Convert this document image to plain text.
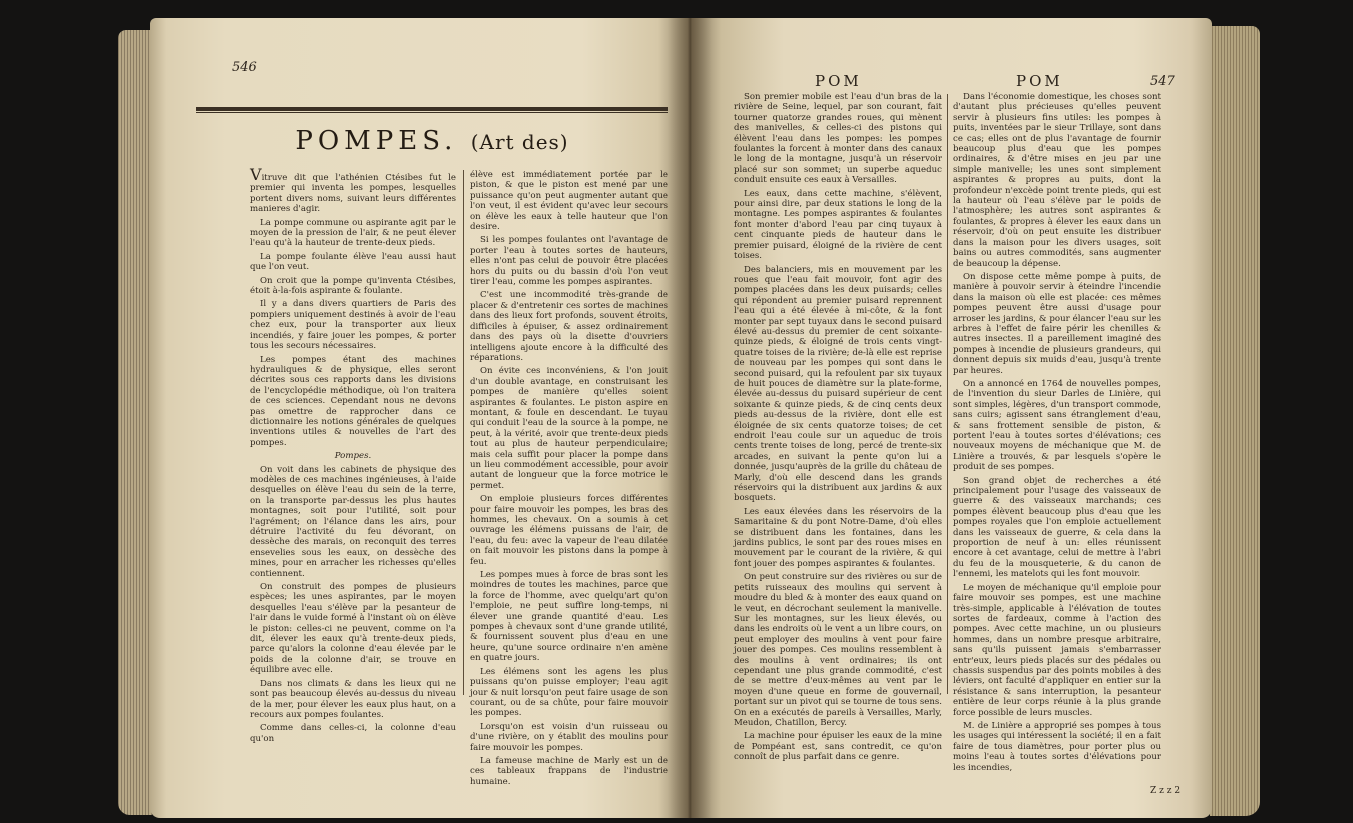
546
POMPES. (Art des)

Vitruve dit que l'athénien Ctésibes fut le premier qui inventa les pompes, lesquelles portent divers noms, suivant leurs différentes manieres d'agir.

La pompe commune ou aspirante agit par le moyen de la pression de l'air, & ne peut élever l'eau qu'à la hauteur de trente-deux pieds.

La pompe foulante élève l'eau aussi haut que l'on veut.

On croit que la pompe qu'inventa Ctésibes, étoit à-la-fois aspirante & foulante.

Il y a dans divers quartiers de Paris des pompiers uniquement destinés à avoir de l'eau chez eux, pour la transporter aux lieux incendiés, y faire jouer les pompes, & porter tous les secours nécessaires.

Les pompes étant des machines hydrauliques & de physique, elles seront décrites sous ces rapports dans les divisions de l'encyclopédie méthodique, où l'on traitera de ces sciences. Cependant nous ne devons pas omettre de rapprocher dans ce dictionnaire les notions générales de quelques inventions utiles & nouvelles de l'art des pompes.

Pompes.

On voit dans les cabinets de physique des modèles de ces machines ingénieuses, à l'aide desquelles on élève l'eau du sein de la terre, on la transporte par-dessus les plus hautes montagnes, soit pour l'utilité, soit pour l'agrément; on l'élance dans les airs, pour détruire l'activité du feu dévorant, on dessèche des marais, on reconquit des terres ensevelies sous les eaux, on dessèche des mines, pour en arracher les richesses qu'elles contiennent.

On construit des pompes de plusieurs espèces; les unes aspirantes, par le moyen desquelles l'eau s'élève par la pesanteur de l'air dans le vuide formé à l'instant où on élève le piston: celles-ci ne peuvent, comme on l'a dit, élever les eaux qu'à trente-deux pieds, parce qu'alors la colonne d'eau élevée par le poids de la colonne d'air, se trouve en équilibre avec elle.

Dans nos climats & dans les lieux qui ne sont pas beaucoup élevés au-dessus du niveau de la mer, pour élever les eaux plus haut, on a recours aux pompes foulantes.

Comme dans celles-ci, la colonne d'eau qu'on

élève est immédiatement portée par le piston, & que le piston est mené par une puissance qu'on peut augmenter autant que l'on veut, il est évident qu'avec leur secours on élève les eaux à telle hauteur que l'on desire.

Si les pompes foulantes ont l'avantage de porter l'eau à toutes sortes de hauteurs, elles n'ont pas celui de pouvoir être placées hors du puits ou du bassin d'où l'on veut tirer l'eau, comme les pompes aspirantes.

C'est une incommodité très-grande de placer & d'entretenir ces sortes de machines dans des lieux fort profonds, souvent étroits, difficiles à épuiser, & assez ordinairement dans des pays où la disette d'ouvriers intelligens ajoute encore à la difficulté des réparations.

On évite ces inconvéniens, & l'on jouit d'un double avantage, en construisant les pompes de manière qu'elles soient aspirantes & foulantes. Le piston aspire en montant, & foule en descendant. Le tuyau qui conduit l'eau de la source à la pompe, ne peut, à la vérité, avoir que trente-deux pieds tout au plus de hauteur perpendiculaire; mais cela suffit pour placer la pompe dans un lieu commodément accessible, pour avoir autant de longueur que la force motrice le permet.

On emploie plusieurs forces différentes pour faire mouvoir les pompes, les bras des hommes, les chevaux. On a soumis à cet ouvrage les élémens puissans de l'air, de l'eau, du feu: avec la vapeur de l'eau dilatée on fait mouvoir les pistons dans la pompe à feu.

Les pompes mues à force de bras sont les moindres de toutes les machines, parce que la force de l'homme, avec quelqu'art qu'on l'emploie, ne peut suffire long-temps, ni élever une grande quantité d'eau. Les pompes à chevaux sont d'une grande utilité, & fournissent souvent plus d'eau en une heure, qu'une source ordinaire n'en amène en quatre jours.

Les élémens sont les agens les plus puissans qu'on puisse employer; l'eau agit jour & nuit lorsqu'on peut faire usage de son courant, ou de sa chûte, pour faire mouvoir les pompes.

Lorsqu'on est voisin d'un ruisseau ou d'une rivière, on y établit des moulins pour faire mouvoir les pompes.

La fameuse machine de Marly est un de ces tableaux frappans de l'industrie humaine.

POM	POM	547

Son premier mobile est l'eau d'un bras de la rivière de Seine, lequel, par son courant, fait tourner quatorze grandes roues, qui mènent des manivelles, & celles-ci des pistons qui élèvent l'eau dans les pompes: les pompes foulantes la forcent à monter dans des canaux le long de la montagne, jusqu'à un réservoir placé sur son sommet; un superbe aqueduc conduit ensuite ces eaux à Versailles.

Les eaux, dans cette machine, s'élèvent, pour ainsi dire, par deux stations le long de la montagne. Les pompes aspirantes & foulantes font monter d'abord l'eau par cinq tuyaux à cent cinquante pieds de hauteur dans le premier puisard, éloigné de la rivière de cent toises.

Des balanciers, mis en mouvement par les roues que l'eau fait mouvoir, font agir des pompes placées dans les deux puisards; celles qui répondent au premier puisard reprennent l'eau qui a été élevée à mi-côte, & la font monter par sept tuyaux dans le second puisard élevé au-dessus du premier de cent soixante-quinze pieds, & éloigné de trois cents vingt-quatre toises de la rivière; de-là elle est reprise de nouveau par les pompes qui sont dans le second puisard, qui la refoulent par six tuyaux de huit pouces de diamètre sur la plate-forme, élevée au-dessus du puisard supérieur de cent soixante & quinze pieds, & de cinq cents deux pieds au-dessus de la rivière, dont elle est éloignée de six cents quatorze toises; de cet endroit l'eau coule sur un aqueduc de trois cents trente toises de long, percé de trente-six arcades, en suivant la pente qu'on lui a donnée, jusqu'auprès de la grille du château de Marly, d'où elle descend dans les grands réservoirs qui la distribuent aux jardins & aux bosquets.

Les eaux élevées dans les réservoirs de la Samaritaine & du pont Notre-Dame, d'où elles se distribuent dans les fontaines, dans les jardins publics, le sont par des roues mises en mouvement par le courant de la rivière, & qui font jouer des pompes aspirantes & foulantes.

On peut construire sur des rivières ou sur de petits ruisseaux des moulins qui servent à moudre du bled & à monter des eaux quand on le veut, en décrochant seulement la manivelle. Sur les montagnes, sur les lieux élevés, ou dans les endroits où le vent a un libre cours, on peut employer des moulins à vent pour faire jouer des pompes. Ces moulins ressemblent à des moulins à vent ordinaires; ils ont cependant une plus grande commodité, c'est de se mettre d'eux-mêmes au vent par le moyen d'une queue en forme de gouvernail, portant sur un pivot qui se tourne de tous sens. On en a exécutés de pareils à Versailles, Marly, Meudon, Chatillon, Bercy.

La machine pour épuiser les eaux de la mine de Pompéant est, sans contredit, ce qu'on connoît de plus parfait dans ce genre.

Dans l'économie domestique, les choses sont d'autant plus précieuses qu'elles peuvent servir à plusieurs fins utiles: les pompes à puits, inventées par le sieur Trillaye, sont dans ce cas; elles ont de plus l'avantage de fournir beaucoup plus d'eau que les pompes ordinaires, & d'être mises en jeu par une simple manivelle; les unes sont simplement aspirantes & propres au puits, dont la profondeur n'excède point trente pieds, qui est la hauteur où l'eau s'élève par le poids de l'atmosphère; les autres sont aspirantes & foulantes, & propres à élever les eaux dans un réservoir, d'où on peut ensuite les distribuer dans la maison pour les divers usages, soit bains ou autres commodités, sans augmenter de beaucoup la dépense.

On dispose cette même pompe à puits, de manière à pouvoir servir à éteindre l'incendie dans la maison où elle est placée: ces mêmes pompes peuvent être aussi d'usage pour arroser les jardins, & pour élancer l'eau sur les arbres à l'effet de faire périr les chenilles & autres insectes. Il a pareillement imaginé des pompes à incendie de plusieurs grandeurs, qui donnent depuis six muids d'eau, jusqu'à trente par heures.

On a annoncé en 1764 de nouvelles pompes, de l'invention du sieur Darles de Linière, qui sont simples, légères, d'un transport commode, sans cuirs; agissent sans étranglement d'eau, & sans frottement sensible de piston, & portent l'eau à toutes sortes d'élévations; ces nouveaux moyens de méchanique que M. de Linière a trouvés, & par lesquels s'opère le produit de ses pompes.

Son grand objet de recherches a été principalement pour l'usage des vaisseaux de guerre & des vaisseaux marchands; ces pompes élèvent beaucoup plus d'eau que les pompes royales que l'on emploie actuellement dans les vaisseaux de guerre, & cela dans la proportion de neuf à un: elles réunissent encore à cet avantage, celui de mettre à l'abri du feu de la mousqueterie, & du canon de l'ennemi, les matelots qui les font mouvoir.

Le moyen de méchanique qu'il emploie pour faire mouvoir ses pompes, est une machine très-simple, applicable à l'élévation de toutes sortes de fardeaux, comme à l'action des pompes. Avec cette machine, un ou plusieurs hommes, dans un nombre presque arbitraire, sans qu'ils puissent jamais s'embarrasser entr'eux, leurs pieds placés sur des pédales ou chassis suspendus par des points mobiles à des léviers, ont faculté d'appliquer en entier sur la résistance & sans interruption, la pesanteur entière de leur corps réunie à la plus grande force possible de leurs muscles.

M. de Linière a approprié ses pompes à tous les usages qui intéressent la société; il en a fait faire de tous diamètres, pour porter plus ou moins l'eau à toutes sortes d'élévations pour les incendies,

Z z z 2
